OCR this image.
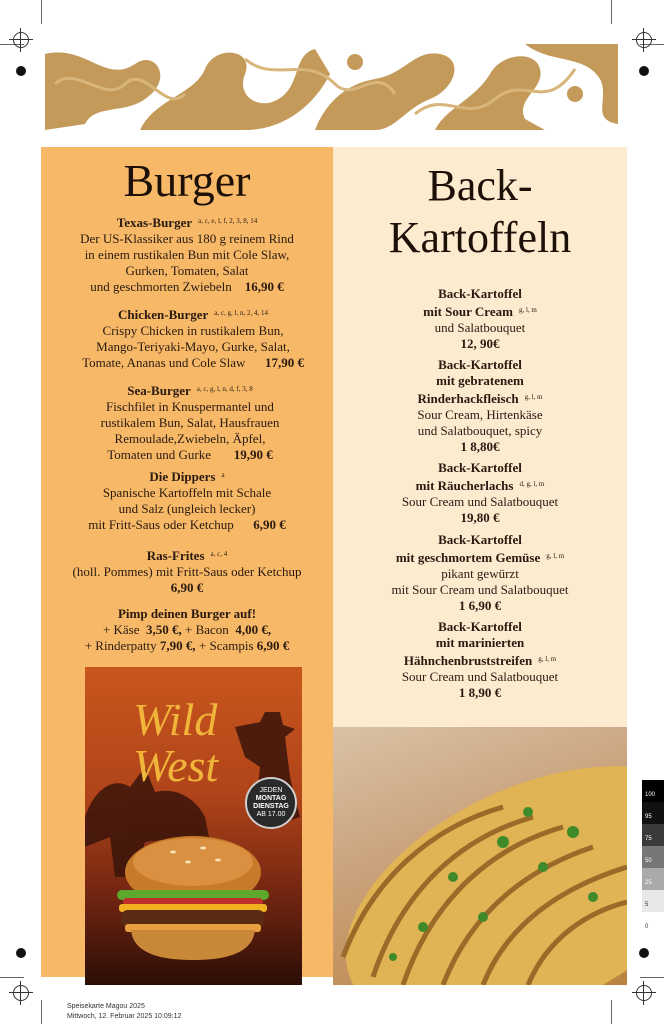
Burger	Back-
Kartoffeln
Texas-Burger $^{a, c, e, l, f, 2, 3, 8, 14}$
Der US-Klassiker aus 180 g reinem Rind
in einem rustikalen Bun mit Cole Slaw,
Gurken, Tomaten, Salat
und geschmorten Zwiebeln 16,90 €
Chicken-Burger $^{a, c, g, l, n, 2, 4, 14}$
Crispy Chicken in rustikalem Bun,
Mango-Teriyaki-Mayo, Gurke, Salat,
Tomate, Ananas und Cole Slaw 17,90 €
Sea-Burger $^{a, c, g, l, n, d, f, 3, 8}$
Fischfilet in Knuspermantel und
rustikalem Bun, Salat, Hausfrauen
Remoulade,Zwiebeln, Äpfel,
Tomaten und Gurke 19,90 €
Die Dippers $^a$
Spanische Kartoffeln mit Schale
und Salz (ungleich lecker)
mit Fritt-Saus oder Ketchup 6,90 €
Ras-Frites $^{a, c, 4}$
(holl. Pommes) mit Fritt-Saus oder Ketchup
6,90 €
Pimp deinen Burger auf!
+ Käse 3,50 €, + Bacon 4,00 €,
+ Rinderpatty 7,90 €, + Scampis 6,90 €
Wild
West	JEDEN
MONTAG
DIENSTAG
AB 17.00
Back-Kartoffel
mit Sour Cream $^{g, l, m}$
und Salatbouquet
12, 90€
Back-Kartoffel
mit gebratenem
Rinderhackfleisch $^{g, l, m}$
Sour Cream, Hirtenkäse
und Salatbouquet, spicy
1 8,80€
Back-Kartoffel
mit Räucherlachs $^{d, g, l, m}$
Sour Cream und Salatbouquet
19,80 €
Back-Kartoffel
mit geschmortem Gemüse $^{g, l, m}$
pikant gewürzt
mit Sour Cream und Salatbouquet
1 6,90 €
Back-Kartoffel
mit marinierten
Hähnchenbruststreifen $^{g, l, m}$
Sour Cream und Salatbouquet
1 8,90 €
100
95
75
50
25
5
0
Speisekarte Magou 2025
Mittwoch, 12. Februar 2025 10:09:12
